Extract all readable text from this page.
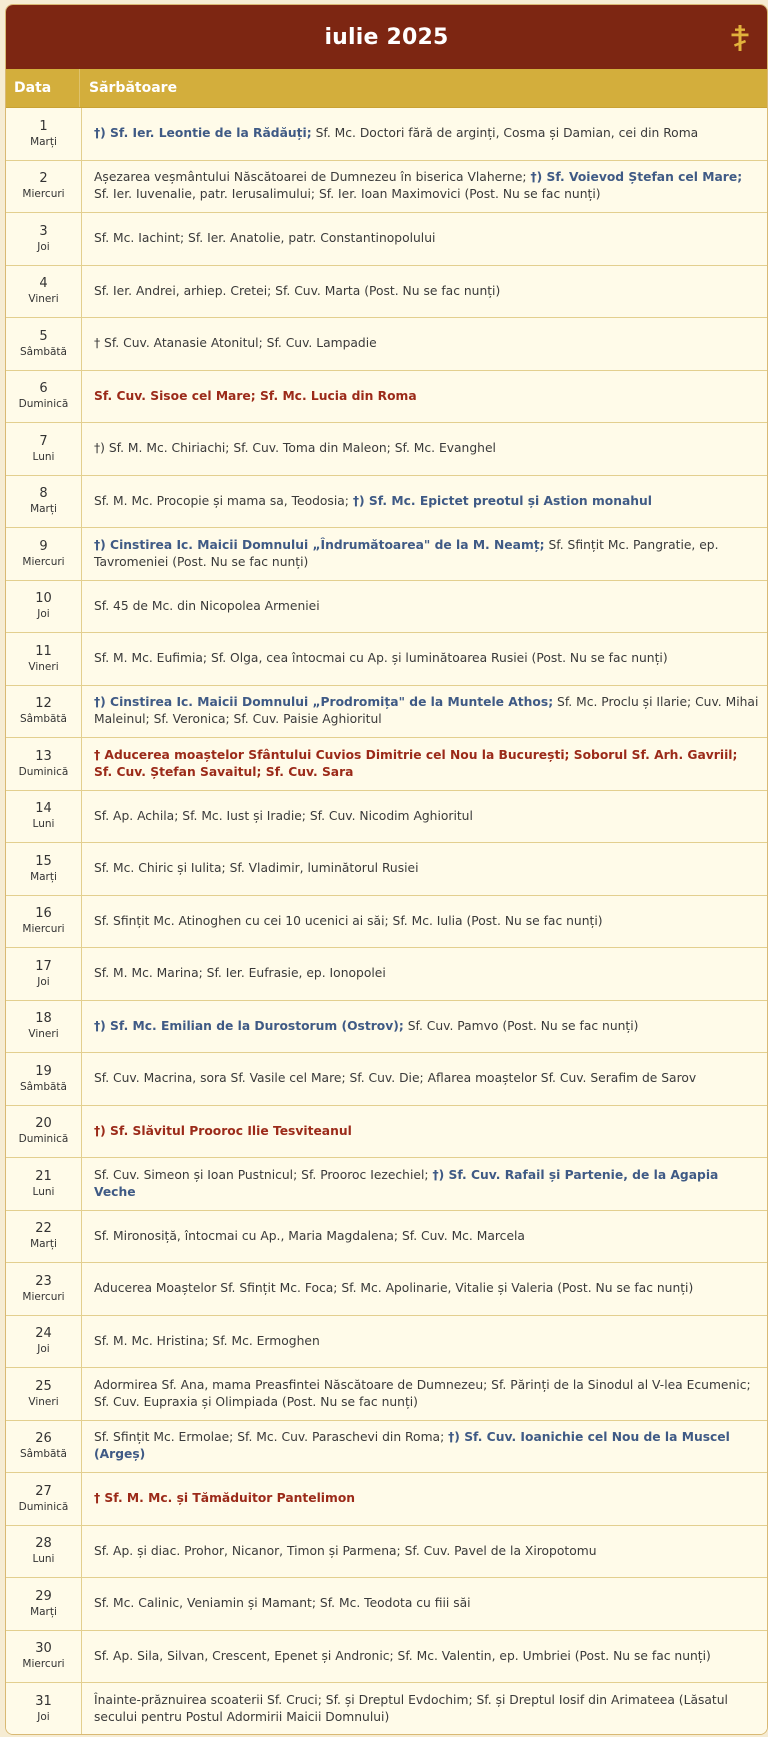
iulie 2025
Data	Sărbătoare
1
Marți
†) Sf. Ier. Leontie de la Rădăuți; Sf. Mc. Doctori fără de arginți, Cosma și Damian, cei din Roma
2
Miercuri
Așezarea veșmântului Născătoarei de Dumnezeu în biserica Vlaherne; †) Sf. Voievod Ștefan cel Mare; Sf. Ier. Iuvenalie, patr. Ierusalimului; Sf. Ier. Ioan Maximovici (Post. Nu se fac nunți)
3
Joi
Sf. Mc. Iachint; Sf. Ier. Anatolie, patr. Constantinopolului
4
Vineri
Sf. Ier. Andrei, arhiep. Cretei; Sf. Cuv. Marta (Post. Nu se fac nunți)
5
Sâmbătă
† Sf. Cuv. Atanasie Atonitul; Sf. Cuv. Lampadie
6
Duminică
Sf. Cuv. Sisoe cel Mare; Sf. Mc. Lucia din Roma
7
Luni
†) Sf. M. Mc. Chiriachi; Sf. Cuv. Toma din Maleon; Sf. Mc. Evanghel
8
Marți
Sf. M. Mc. Procopie și mama sa, Teodosia; †) Sf. Mc. Epictet preotul și Astion monahul
9
Miercuri
†) Cinstirea Ic. Maicii Domnului „Îndrumătoarea" de la M. Neamț; Sf. Sfințit Mc. Pangratie, ep. Tavromeniei (Post. Nu se fac nunți)
10
Joi
Sf. 45 de Mc. din Nicopolea Armeniei
11
Vineri
Sf. M. Mc. Eufimia; Sf. Olga, cea întocmai cu Ap. și luminătoarea Rusiei (Post. Nu se fac nunți)
12
Sâmbătă
†) Cinstirea Ic. Maicii Domnului „Prodromița" de la Muntele Athos; Sf. Mc. Proclu și Ilarie; Cuv. Mihai Maleinul; Sf. Veronica; Sf. Cuv. Paisie Aghioritul
13
Duminică
† Aducerea moaștelor Sfântului Cuvios Dimitrie cel Nou la București; Soborul Sf. Arh. Gavriil; Sf. Cuv. Ștefan Savaitul; Sf. Cuv. Sara
14
Luni
Sf. Ap. Achila; Sf. Mc. Iust și Iradie; Sf. Cuv. Nicodim Aghioritul
15
Marți
Sf. Mc. Chiric și Iulita; Sf. Vladimir, luminătorul Rusiei
16
Miercuri
Sf. Sfințit Mc. Atinoghen cu cei 10 ucenici ai săi; Sf. Mc. Iulia (Post. Nu se fac nunți)
17
Joi
Sf. M. Mc. Marina; Sf. Ier. Eufrasie, ep. Ionopolei
18
Vineri
†) Sf. Mc. Emilian de la Durostorum (Ostrov); Sf. Cuv. Pamvo (Post. Nu se fac nunți)
19
Sâmbătă
Sf. Cuv. Macrina, sora Sf. Vasile cel Mare; Sf. Cuv. Die; Aflarea moaștelor Sf. Cuv. Serafim de Sarov
20
Duminică
†) Sf. Slăvitul Prooroc Ilie Tesviteanul
21
Luni
Sf. Cuv. Simeon și Ioan Pustnicul; Sf. Prooroc Iezechiel; †) Sf. Cuv. Rafail și Partenie, de la Agapia Veche
22
Marți
Sf. Mironosiță, întocmai cu Ap., Maria Magdalena; Sf. Cuv. Mc. Marcela
23
Miercuri
Aducerea Moaștelor Sf. Sfințit Mc. Foca; Sf. Mc. Apolinarie, Vitalie și Valeria (Post. Nu se fac nunți)
24
Joi
Sf. M. Mc. Hristina; Sf. Mc. Ermoghen
25
Vineri
Adormirea Sf. Ana, mama Preasfintei Născătoare de Dumnezeu; Sf. Părinți de la Sinodul al V-lea Ecumenic; Sf. Cuv. Eupraxia și Olimpiada (Post. Nu se fac nunți)
26
Sâmbătă
Sf. Sfințit Mc. Ermolae; Sf. Mc. Cuv. Paraschevi din Roma; †) Sf. Cuv. Ioanichie cel Nou de la Muscel (Argeș)
27
Duminică
† Sf. M. Mc. și Tămăduitor Pantelimon
28
Luni
Sf. Ap. și diac. Prohor, Nicanor, Timon și Parmena; Sf. Cuv. Pavel de la Xiropotomu
29
Marți
Sf. Mc. Calinic, Veniamin și Mamant; Sf. Mc. Teodota cu fiii săi
30
Miercuri
Sf. Ap. Sila, Silvan, Crescent, Epenet și Andronic; Sf. Mc. Valentin, ep. Umbriei (Post. Nu se fac nunți)
31
Joi
Înainte-prăznuirea scoaterii Sf. Cruci; Sf. și Dreptul Evdochim; Sf. și Dreptul Iosif din Arimateea (Lăsatul secului pentru Postul Adormirii Maicii Domnului)
